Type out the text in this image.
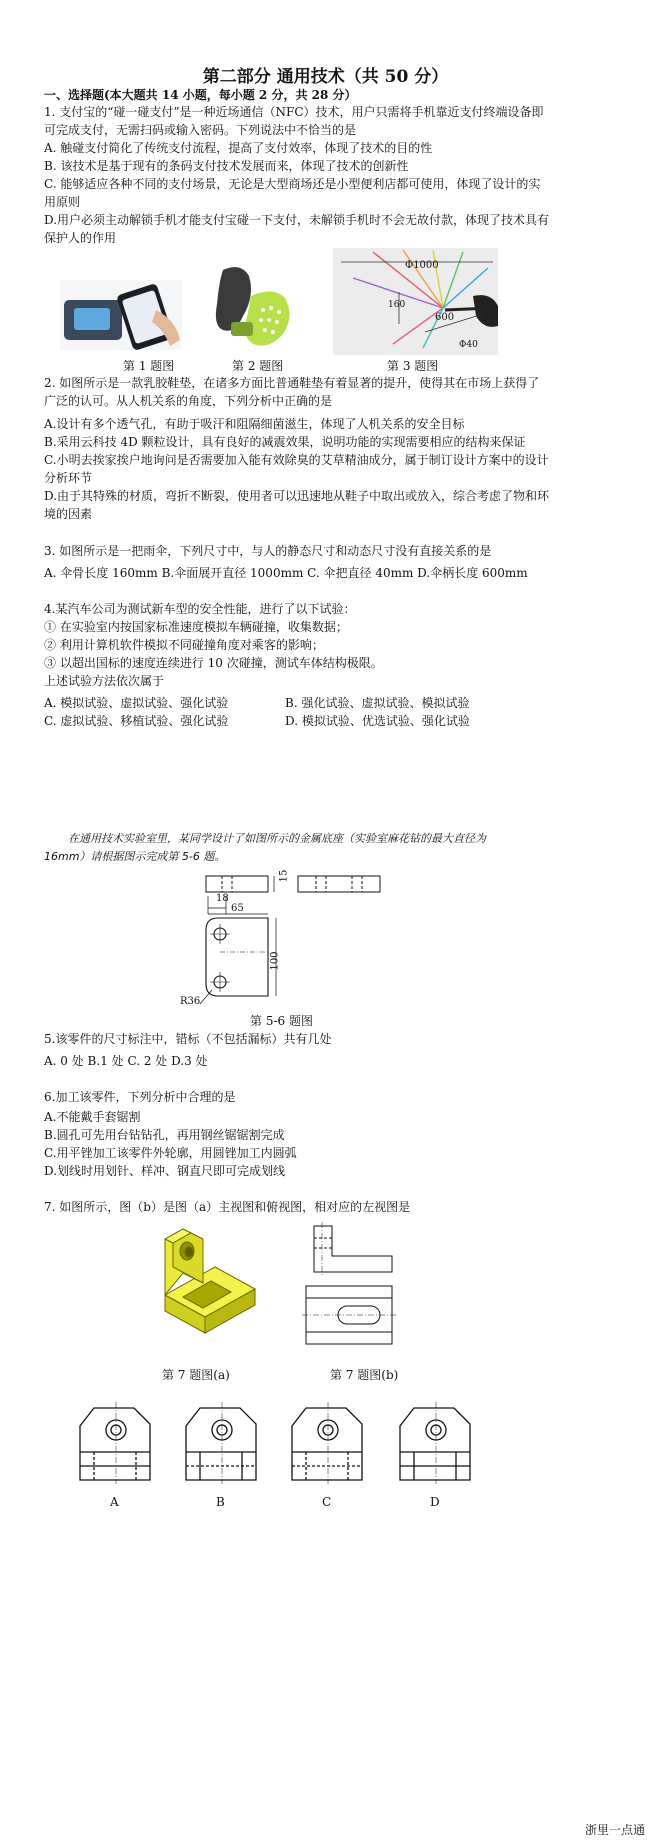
第二部分 通用技术（共 50 分）
一、选择题(本大题共 14 小题，每小题 2 分，共 28 分）
1. 支付宝的“碰一碰支付”是一种近场通信（NFC）技术，用户只需将手机靠近支付终端设备即
可完成支付，无需扫码或输入密码。下列说法中不恰当的是
A. 触碰支付简化了传统支付流程，提高了支付效率，体现了技术的目的性
B. 该技术是基于现有的条码支付技术发展而来，体现了技术的创新性
C. 能够适应各种不同的支付场景，无论是大型商场还是小型便利店都可使用，体现了设计的实
用原则
D.用户必须主动解锁手机才能支付宝碰一下支付，未解锁手机时不会无故付款，体现了技术具有
保护人的作用
第 1 题图	第 2 题图
Φ1000
160
600
Φ40
第 3 题图
2. 如图所示是一款乳胶鞋垫，在诸多方面比普通鞋垫有着显著的提升，使得其在市场上获得了
广泛的认可。从人机关系的角度，下列分析中正确的是
A.设计有多个透气孔，有助于吸汗和阻隔细菌滋生，体现了人机关系的安全目标
B.采用云科技 4D 颗粒设计，具有良好的减震效果，说明功能的实现需要相应的结构来保证
C.小明去挨家挨户地询问是否需要加入能有效除臭的艾草精油成分，属于制订设计方案中的设计
分析环节
D.由于其特殊的材质，弯折不断裂，使用者可以迅速地从鞋子中取出或放入，综合考虑了物和环
境的因素
3. 如图所示是一把雨伞，下列尺寸中，与人的静态尺寸和动态尺寸没有直接关系的是
A. 伞骨长度 160mm B.伞面展开直径 1000mm C. 伞把直径 40mm D.伞柄长度 600mm
4.某汽车公司为测试新车型的安全性能，进行了以下试验：
① 在实验室内按国家标准速度模拟车辆碰撞，收集数据；
② 利用计算机软件模拟不同碰撞角度对乘客的影响；
③ 以超出国标的速度连续进行 10 次碰撞，测试车体结构极限。
上述试验方法依次属于
A. 模拟试验、虚拟试验、强化试验	B. 强化试验、虚拟试验、模拟试验
C. 虚拟试验、移植试验、强化试验	D. 模拟试验、优选试验、强化试验
在通用技术实验室里，某同学设计了如图所示的金属底座（实验室麻花钻的最大直径为
16mm）请根据图示完成第 5-6 题。
15
18
65
100
R36
第 5-6 题图
5.该零件的尺寸标注中，错标（不包括漏标）共有几处
A. 0 处 B.1 处 C. 2 处 D.3 处
6.加工该零件，下列分析中合理的是
A.不能戴手套锯割
B.圆孔可先用台钻钻孔，再用钢丝锯锯割完成
C.用平锉加工该零件外轮廓，用圆锉加工内圆弧
D.划线时用划针、样冲、钢直尺即可完成划线
7. 如图所示，图（b）是图（a）主视图和俯视图，相对应的左视图是
第 7 题图(a)	第 7 题图(b)
A	B	C	D
浙里一点通
